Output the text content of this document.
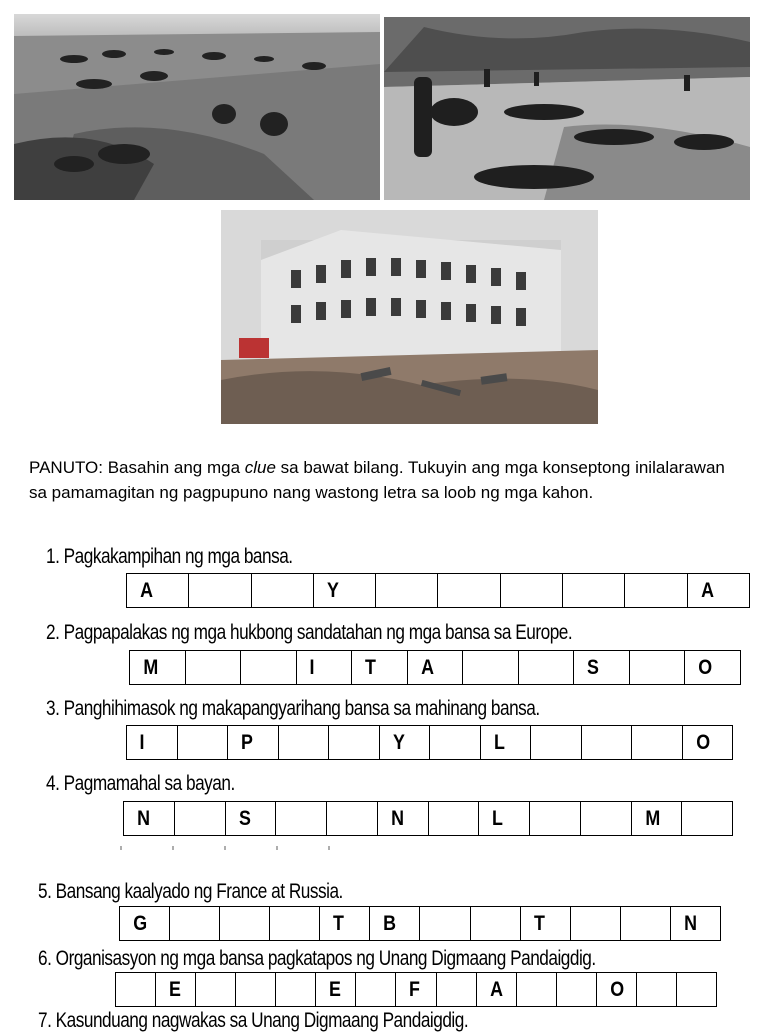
PANUTO: Basahin ang mga clue sa bawat bilang. Tukuyin ang mga konseptong inilalarawan sa pamamagitan ng pagpupuno nang wastong letra sa loob ng mga kahon.

1. Pagkakampihan ng mga bansa.
A	Y	A
2. Pagpapalakas ng mga hukbong sandatahan ng mga bansa sa Europe.
M	I T A	S	O
3. Panghihimasok ng makapangyarihang bansa sa mahinang bansa.
I	P	Y	L	O
4. Pagmamahal sa bayan.
N	S	N	L	M
5. Bansang kaalyado ng France at Russia.
G	T B	T	N
6. Organisasyon ng mga bansa pagkatapos ng Unang Digmaang Pandaigdig.
E	E	F	A	O
7. Kasunduang nagwakas sa Unang Digmaang Pandaigdig.
